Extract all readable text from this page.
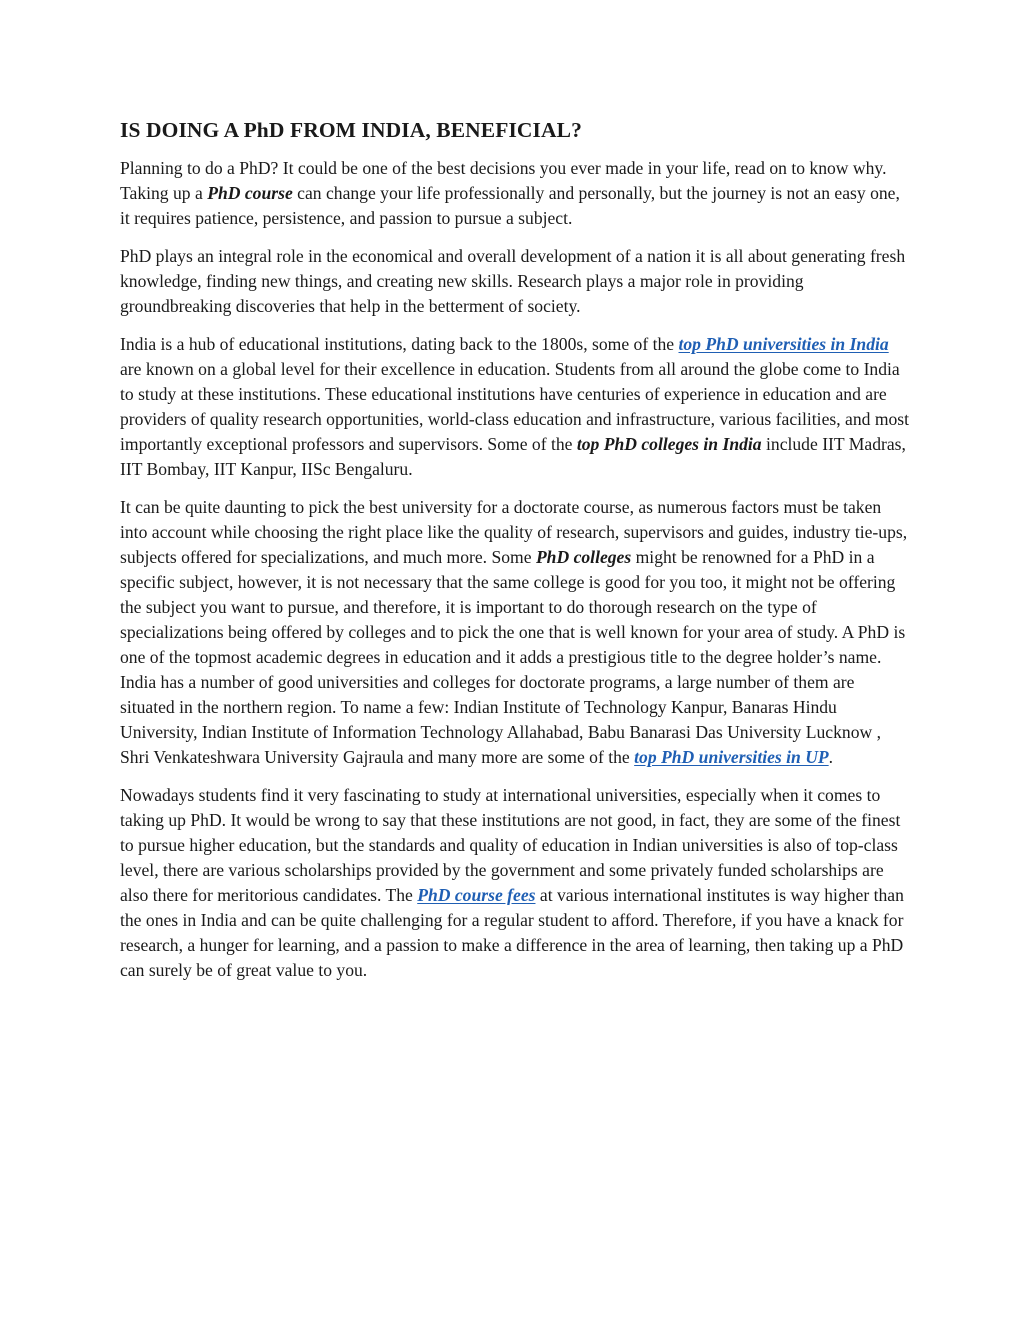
IS DOING A PhD FROM INDIA, BENEFICIAL?

Planning to do a PhD? It could be one of the best decisions you ever made in your life, read on to know why. Taking up a PhD course can change your life professionally and personally, but the journey is not an easy one, it requires patience, persistence, and passion to pursue a subject.

PhD plays an integral role in the economical and overall development of a nation it is all about generating fresh knowledge, finding new things, and creating new skills. Research plays a major role in providing groundbreaking discoveries that help in the betterment of society.

India is a hub of educational institutions, dating back to the 1800s, some of the top PhD universities in India are known on a global level for their excellence in education. Students from all around the globe come to India to study at these institutions. These educational institutions have centuries of experience in education and are providers of quality research opportunities, world-class education and infrastructure, various facilities, and most importantly exceptional professors and supervisors. Some of the top PhD colleges in India include IIT Madras, IIT Bombay, IIT Kanpur, IISc Bengaluru.

It can be quite daunting to pick the best university for a doctorate course, as numerous factors must be taken into account while choosing the right place like the quality of research, supervisors and guides, industry tie-ups, subjects offered for specializations, and much more. Some PhD colleges might be renowned for a PhD in a specific subject, however, it is not necessary that the same college is good for you too, it might not be offering the subject you want to pursue, and therefore, it is important to do thorough research on the type of specializations being offered by colleges and to pick the one that is well known for your area of study. A PhD is one of the topmost academic degrees in education and it adds a prestigious title to the degree holder’s name. India has a number of good universities and colleges for doctorate programs, a large number of them are situated in the northern region. To name a few: Indian Institute of Technology Kanpur, Banaras Hindu University, Indian Institute of Information Technology Allahabad, Babu Banarasi Das University Lucknow , Shri Venkateshwara University Gajraula and many more are some of the top PhD universities in UP.

Nowadays students find it very fascinating to study at international universities, especially when it comes to taking up PhD. It would be wrong to say that these institutions are not good, in fact, they are some of the finest to pursue higher education, but the standards and quality of education in Indian universities is also of top-class level, there are various scholarships provided by the government and some privately funded scholarships are also there for meritorious candidates. The PhD course fees at various international institutes is way higher than the ones in India and can be quite challenging for a regular student to afford. Therefore, if you have a knack for research, a hunger for learning, and a passion to make a difference in the area of learning, then taking up a PhD can surely be of great value to you.
